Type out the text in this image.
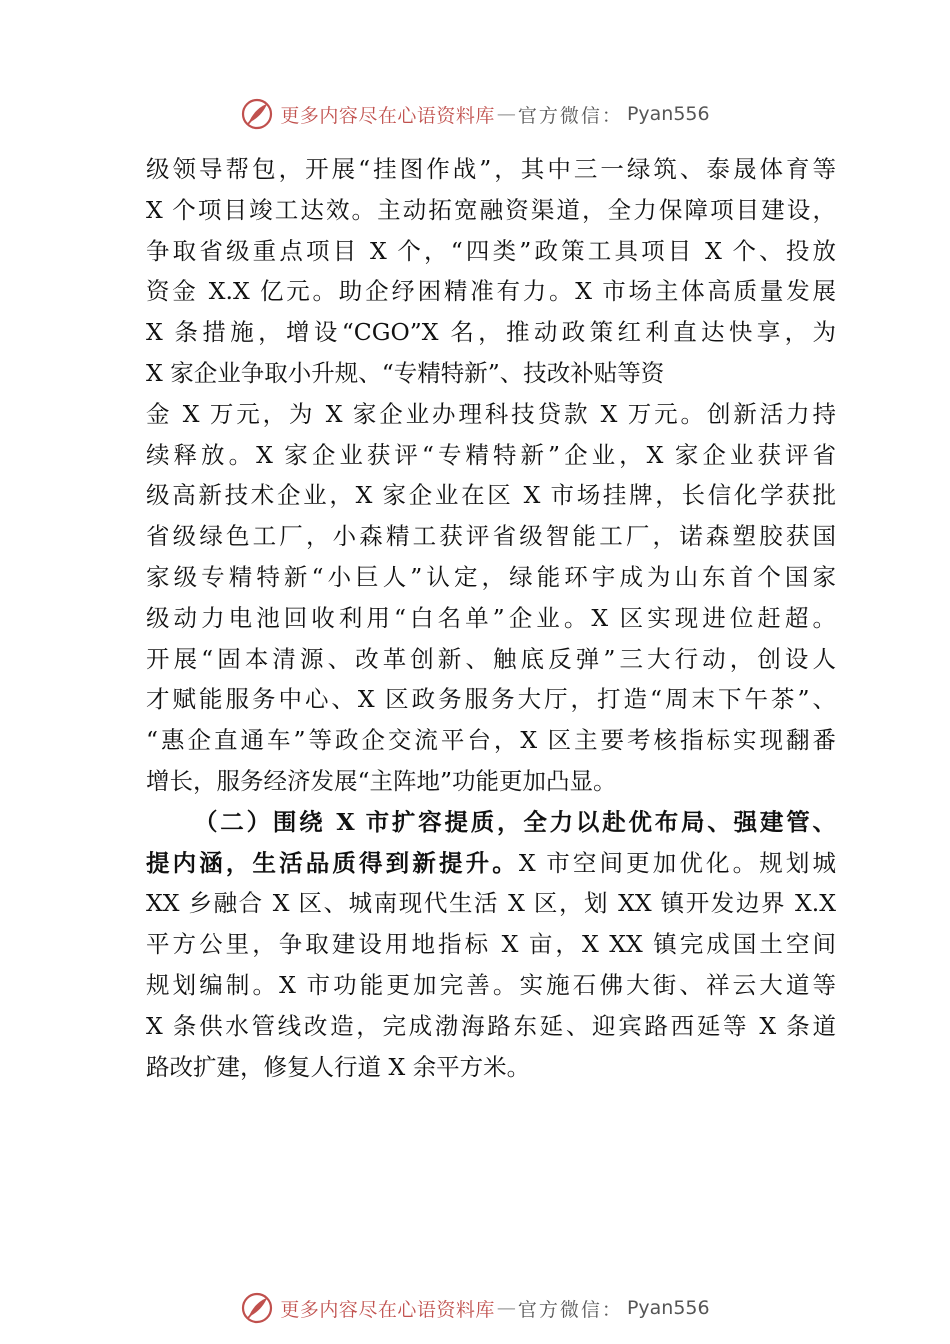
更多内容尽在心语资料库 — 官方微信 ： Pyan556
级领导帮包，开展“挂图作战”，其中三一绿筑、泰晟体育等
X 个项目竣工达效。主动拓宽融资渠道，全力保障项目建设，
争取省级重点项目 X 个，“四类”政策工具项目 X 个、投放
资金 X.X 亿元。助企纾困精准有力。X 市场主体高质量发展
X 条措施，增设“CGO”X 名，推动政策红利直达快享，为
X 家企业争取小升规、“专精特新”、技改补贴等资
金 X 万元，为 X 家企业办理科技贷款 X 万元。创新活力持
续释放。X 家企业获评“专精特新”企业，X 家企业获评省
级高新技术企业，X 家企业在区 X 市场挂牌，长信化学获批
省级绿色工厂，小森精工获评省级智能工厂，诺森塑胶获国
家级专精特新“小巨人”认定，绿能环宇成为山东首个国家
级动力电池回收利用“白名单”企业。X 区实现进位赶超。
开展“固本清源、改革创新、触底反弹”三大行动，创设人
才赋能服务中心、X 区政务服务大厅，打造“周末下午茶”、
“惠企直通车”等政企交流平台，X 区主要考核指标实现翻番
增长，服务经济发展“主阵地”功能更加凸显。
（二）围绕 X 市扩容提质，全力以赴优布局、强建管、
提内涵，生活品质得到新提升。X 市空间更加优化。规划城
XX 乡融合 X 区、城南现代生活 X 区，划 XX 镇开发边界 X.X
平方公里，争取建设用地指标 X 亩，X XX 镇完成国土空间
规划编制。X 市功能更加完善。实施石佛大街、祥云大道等
X 条供水管线改造，完成渤海路东延、迎宾路西延等 X 条道
路改扩建，修复人行道 X 余平方米。
更多内容尽在心语资料库 — 官方微信 ： Pyan556
